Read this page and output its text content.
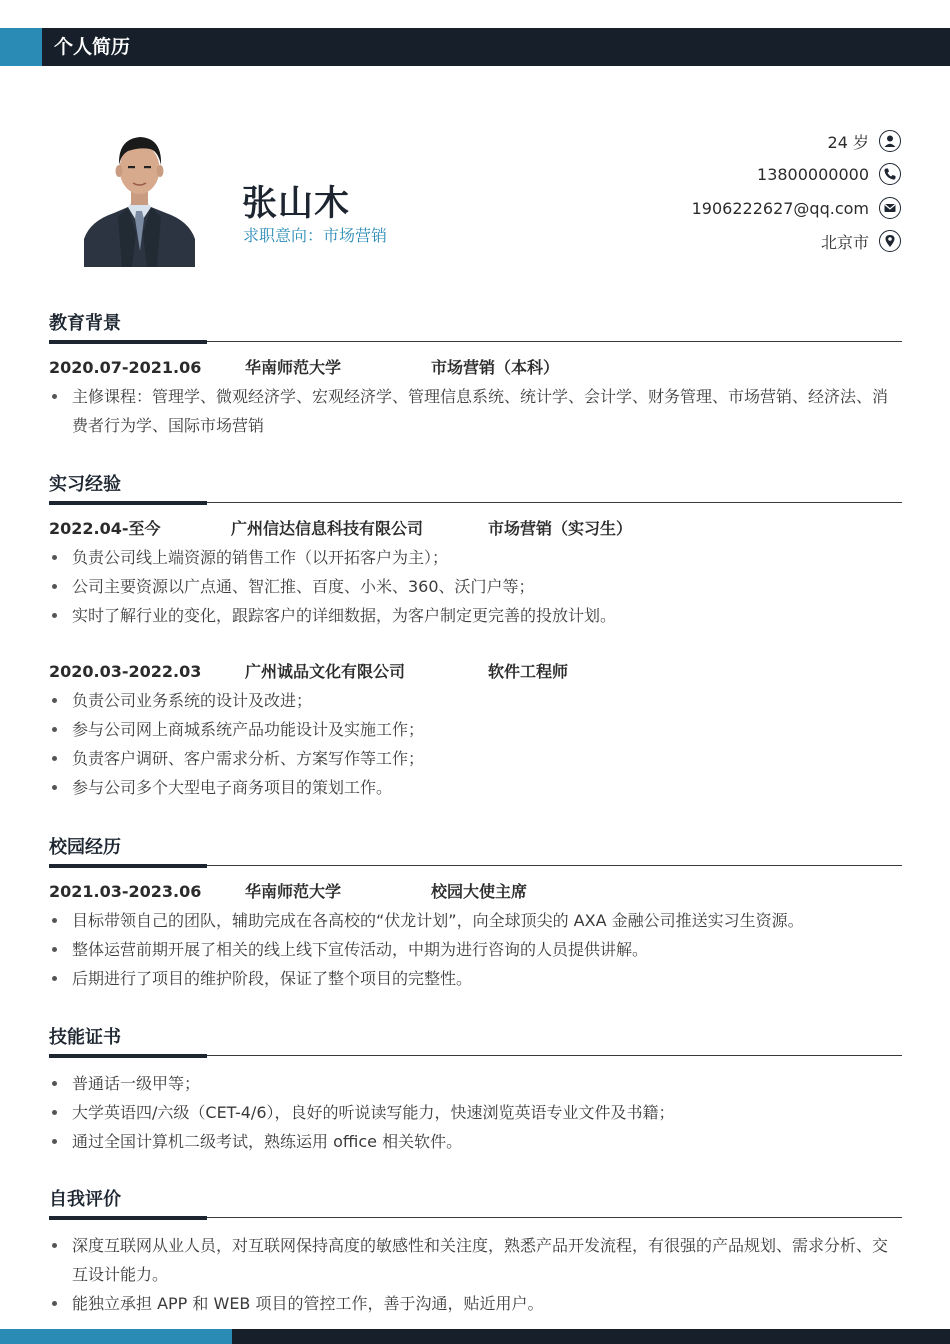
个人简历
张山木
求职意向：市场营销
24 岁
13800000000
1906222627@qq.com
北京市
教育背景
2020.07-2021.06	华南师范大学	市场营销（本科）
主修课程：管理学、微观经济学、宏观经济学、管理信息系统、统计学、会计学、财务管理、市场营销、经济法、消费者行为学、国际市场营销
实习经验
2022.04-至今	广州信达信息科技有限公司	市场营销（实习生）
负责公司线上端资源的销售工作（以开拓客户为主）；
公司主要资源以广点通、智汇推、百度、小米、360、沃门户等；
实时了解行业的变化，跟踪客户的详细数据，为客户制定更完善的投放计划。
2020.03-2022.03	广州诚品文化有限公司	软件工程师
负责公司业务系统的设计及改进；
参与公司网上商城系统产品功能设计及实施工作；
负责客户调研、客户需求分析、方案写作等工作；
参与公司多个大型电子商务项目的策划工作。
校园经历
2021.03-2023.06	华南师范大学	校园大使主席
目标带领自己的团队，辅助完成在各高校的“伏龙计划”，向全球顶尖的 AXA 金融公司推送实习生资源。
整体运营前期开展了相关的线上线下宣传活动，中期为进行咨询的人员提供讲解。
后期进行了项目的维护阶段，保证了整个项目的完整性。
技能证书
普通话一级甲等；
大学英语四/六级（CET-4/6），良好的听说读写能力，快速浏览英语专业文件及书籍；
通过全国计算机二级考试，熟练运用 office 相关软件。
自我评价
深度互联网从业人员，对互联网保持高度的敏感性和关注度，熟悉产品开发流程，有很强的产品规划、需求分析、交互设计能力。
能独立承担 APP 和 WEB 项目的管控工作，善于沟通，贴近用户。
